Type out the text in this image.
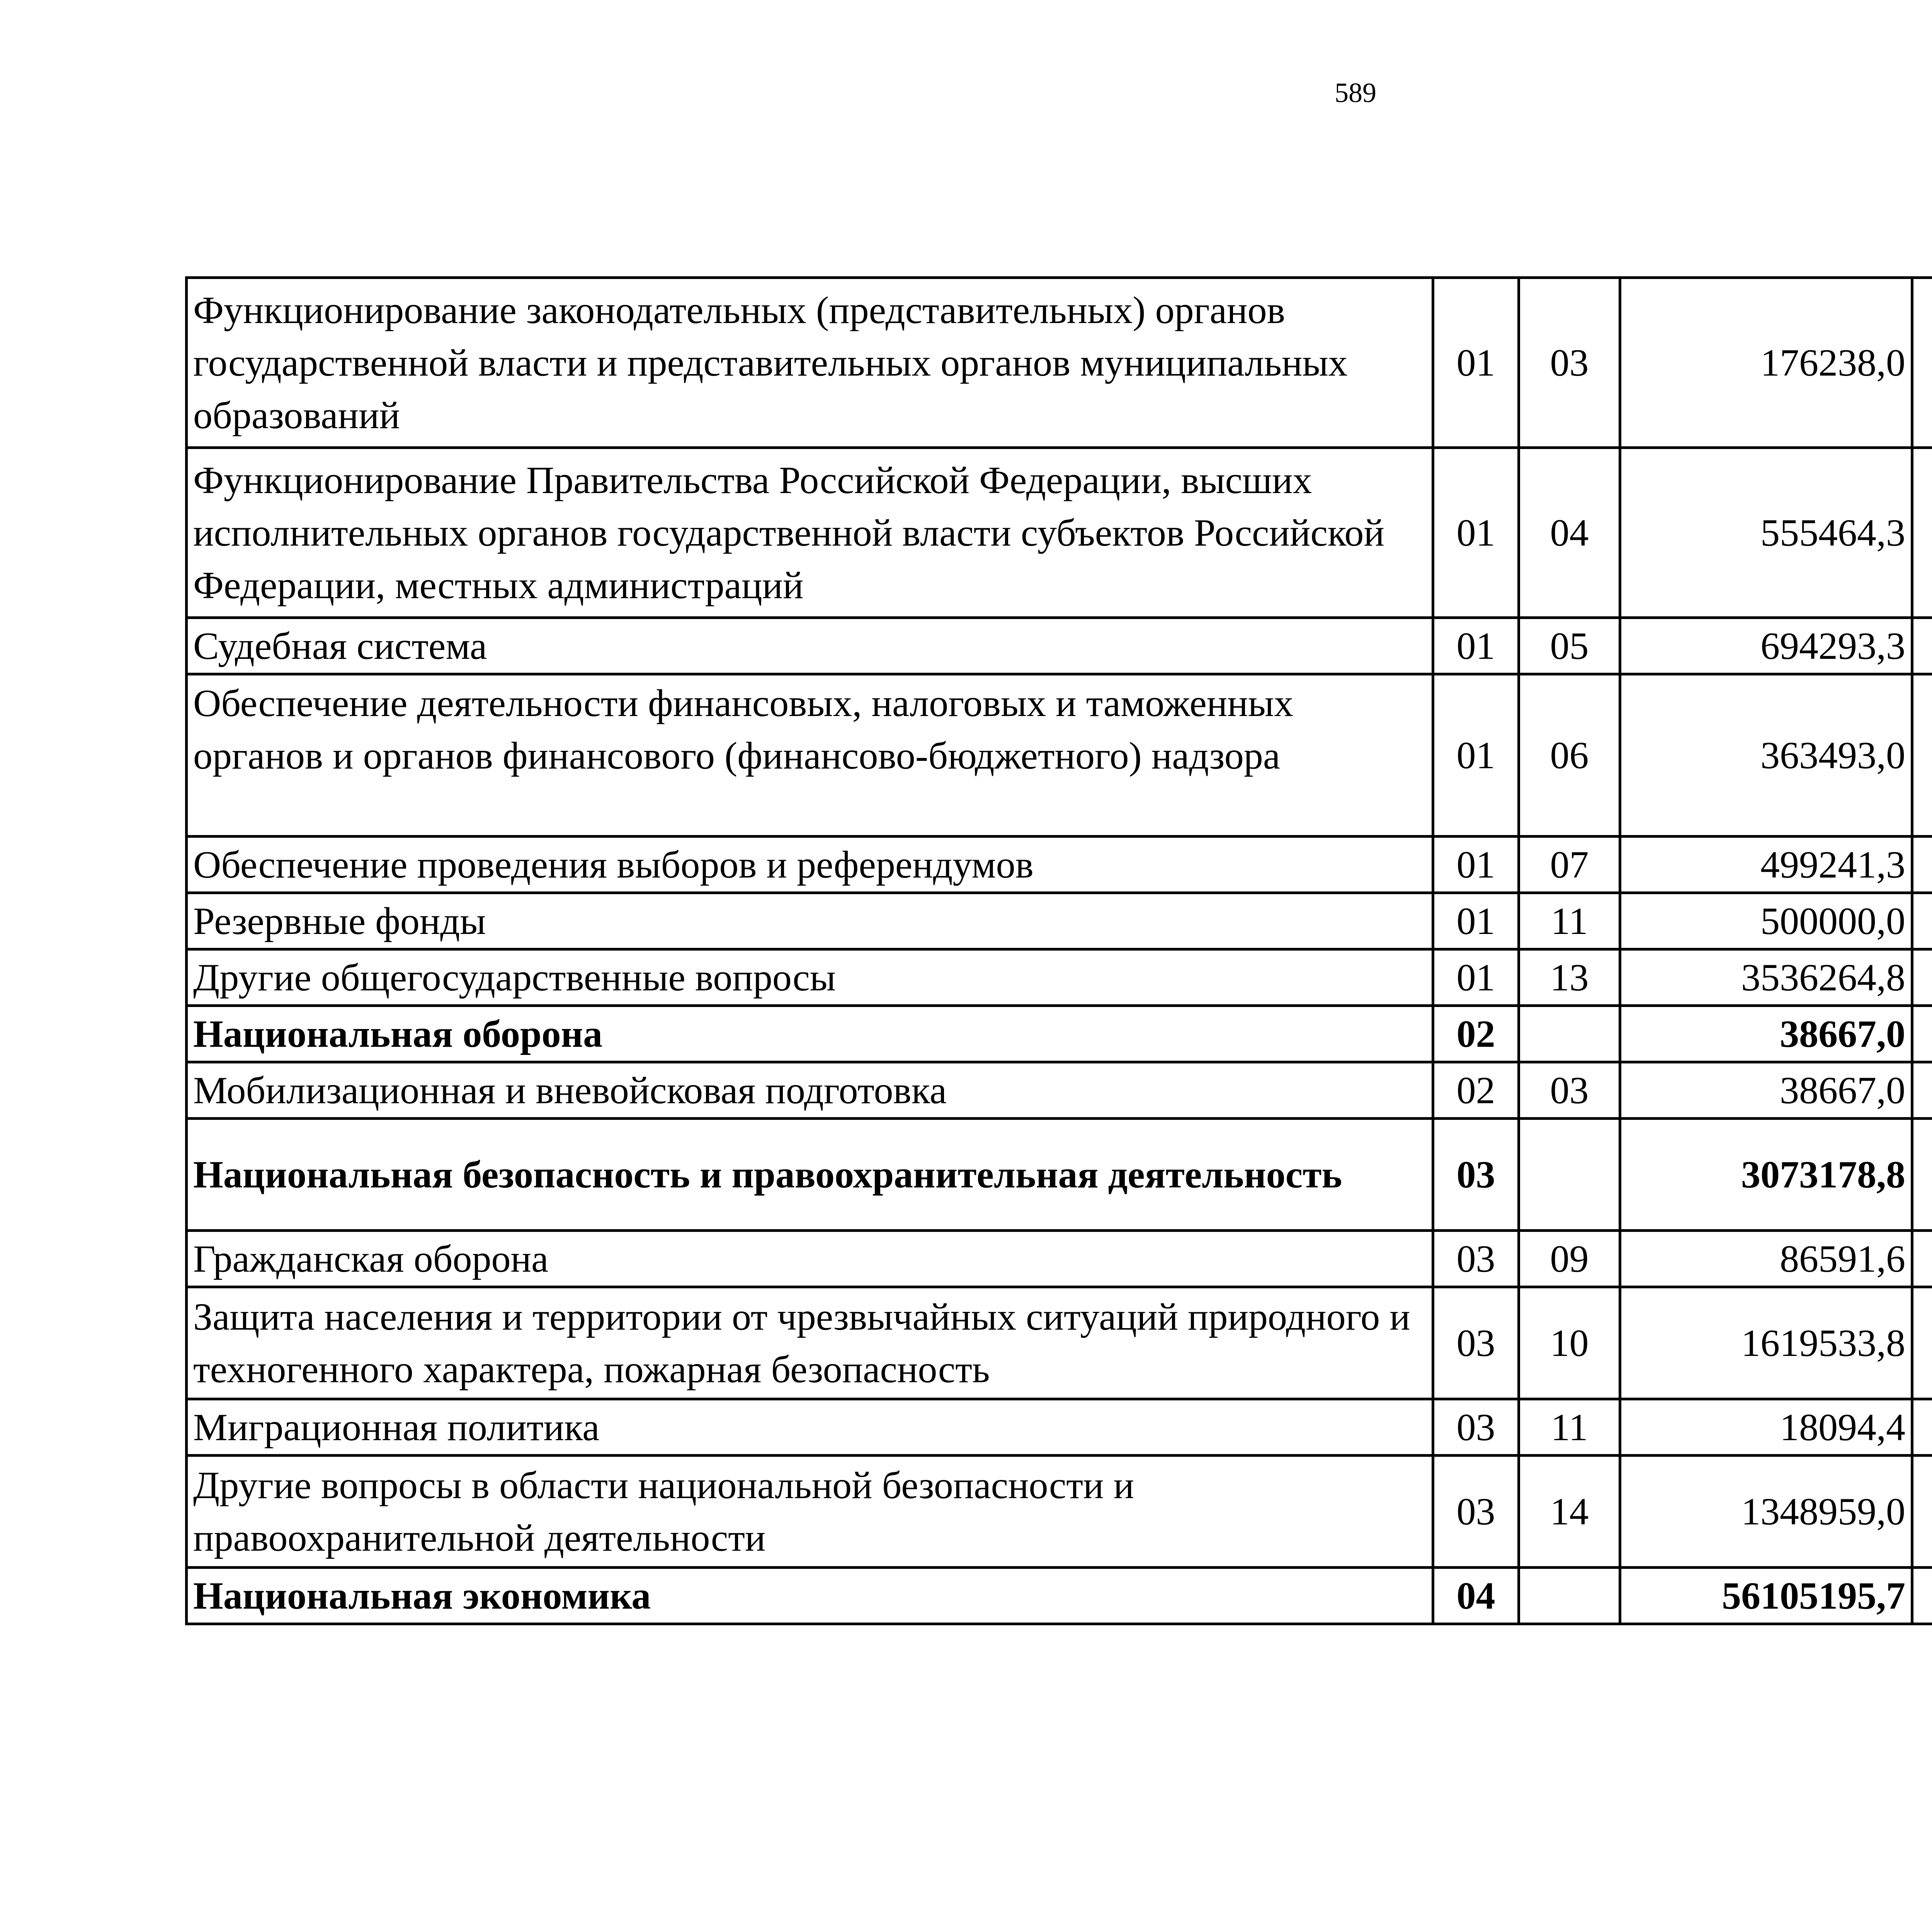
589
Функционирование законодательных (представительных) органов государственной власти и представительных органов муниципальных образований	01	03	176238,0		
Функционирование Правительства Российской Федерации, высших исполнительных органов государственной власти субъектов Российской Федерации, местных администраций	01	04	555464,3		
Судебная система	01	05	694293,3		
Обеспечение деятельности финансовых, налоговых и таможенных органов и органов финансового (финансово-бюджетного) надзора	01	06	363493,0		
Обеспечение проведения выборов и референдумов	01	07	499241,3		
Резервные фонды	01	11	500000,0		
Другие общегосударственные вопросы	01	13	3536264,8		
Национальная оборона	02		38667,0		
Мобилизационная и вневойсковая подготовка	02	03	38667,0		
Национальная безопасность и правоохранительная деятельность	03		3073178,8		
Гражданская оборона	03	09	86591,6		
Защита населения и территории от чрезвычайных ситуаций природного и техногенного характера, пожарная безопасность	03	10	1619533,8		
Миграционная политика	03	11	18094,4		
Другие вопросы в области национальной безопасности и правоохранительной деятельности	03	14	1348959,0		
Национальная экономика	04		56105195,7		
